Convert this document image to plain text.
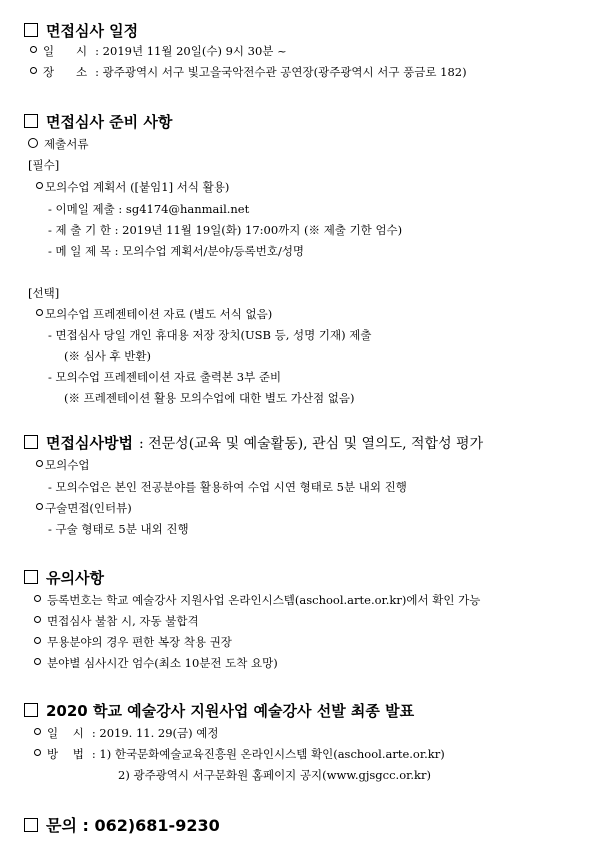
면접심사 일정
일      시 : 2019년 11월 20일(수) 9시 30분 ~
장      소 : 광주광역시 서구 빛고을국악전수관 공연장(광주광역시 서구 풍금로 182)
면접심사 준비 사항
제출서류
[필수]
모의수업 계획서 ([붙임1] 서식 활용)
- 이메일 제출 : sg4174@hanmail.net
- 제 출 기 한 : 2019년 11월 19일(화) 17:00까지 (※ 제출 기한 엄수)
- 메 일 제 목 : 모의수업 계획서/분야/등록번호/성명
[선택]
모의수업 프레젠테이션 자료 (별도 서식 없음)
- 면접심사 당일 개인 휴대용 저장 장치(USB 등, 성명 기재) 제출
(※ 심사 후 반환)
- 모의수업 프레젠테이션 자료 출력본 3부 준비
(※ 프레젠테이션 활용 모의수업에 대한 별도 가산점 없음)
면접심사방법 : 전문성(교육 및 예술활동), 관심 및 열의도, 적합성 평가
모의수업
- 모의수업은 본인 전공분야를 활용하여 수업 시연 형태로 5분 내외 진행
구술면접(인터뷰)
- 구술 형태로 5분 내외 진행
유의사항
등록번호는 학교 예술강사 지원사업 온라인시스템(aschool.arte.or.kr)에서 확인 가능
면접심사 불참 시, 자동 불합격
무용분야의 경우 편한 복장 착용 권장
분야별 심사시간 엄수(최소 10분전 도착 요망)
2020 학교 예술강사 지원사업 예술강사 선발 최종 발표
일    시 : 2019. 11. 29(금) 예정
방    법 : 1) 한국문화예술교육진흥원 온라인시스템 확인(aschool.arte.or.kr)
2) 광주광역시 서구문화원 홈페이지 공지(www.gjsgcc.or.kr)
문의 : 062)681-9230
